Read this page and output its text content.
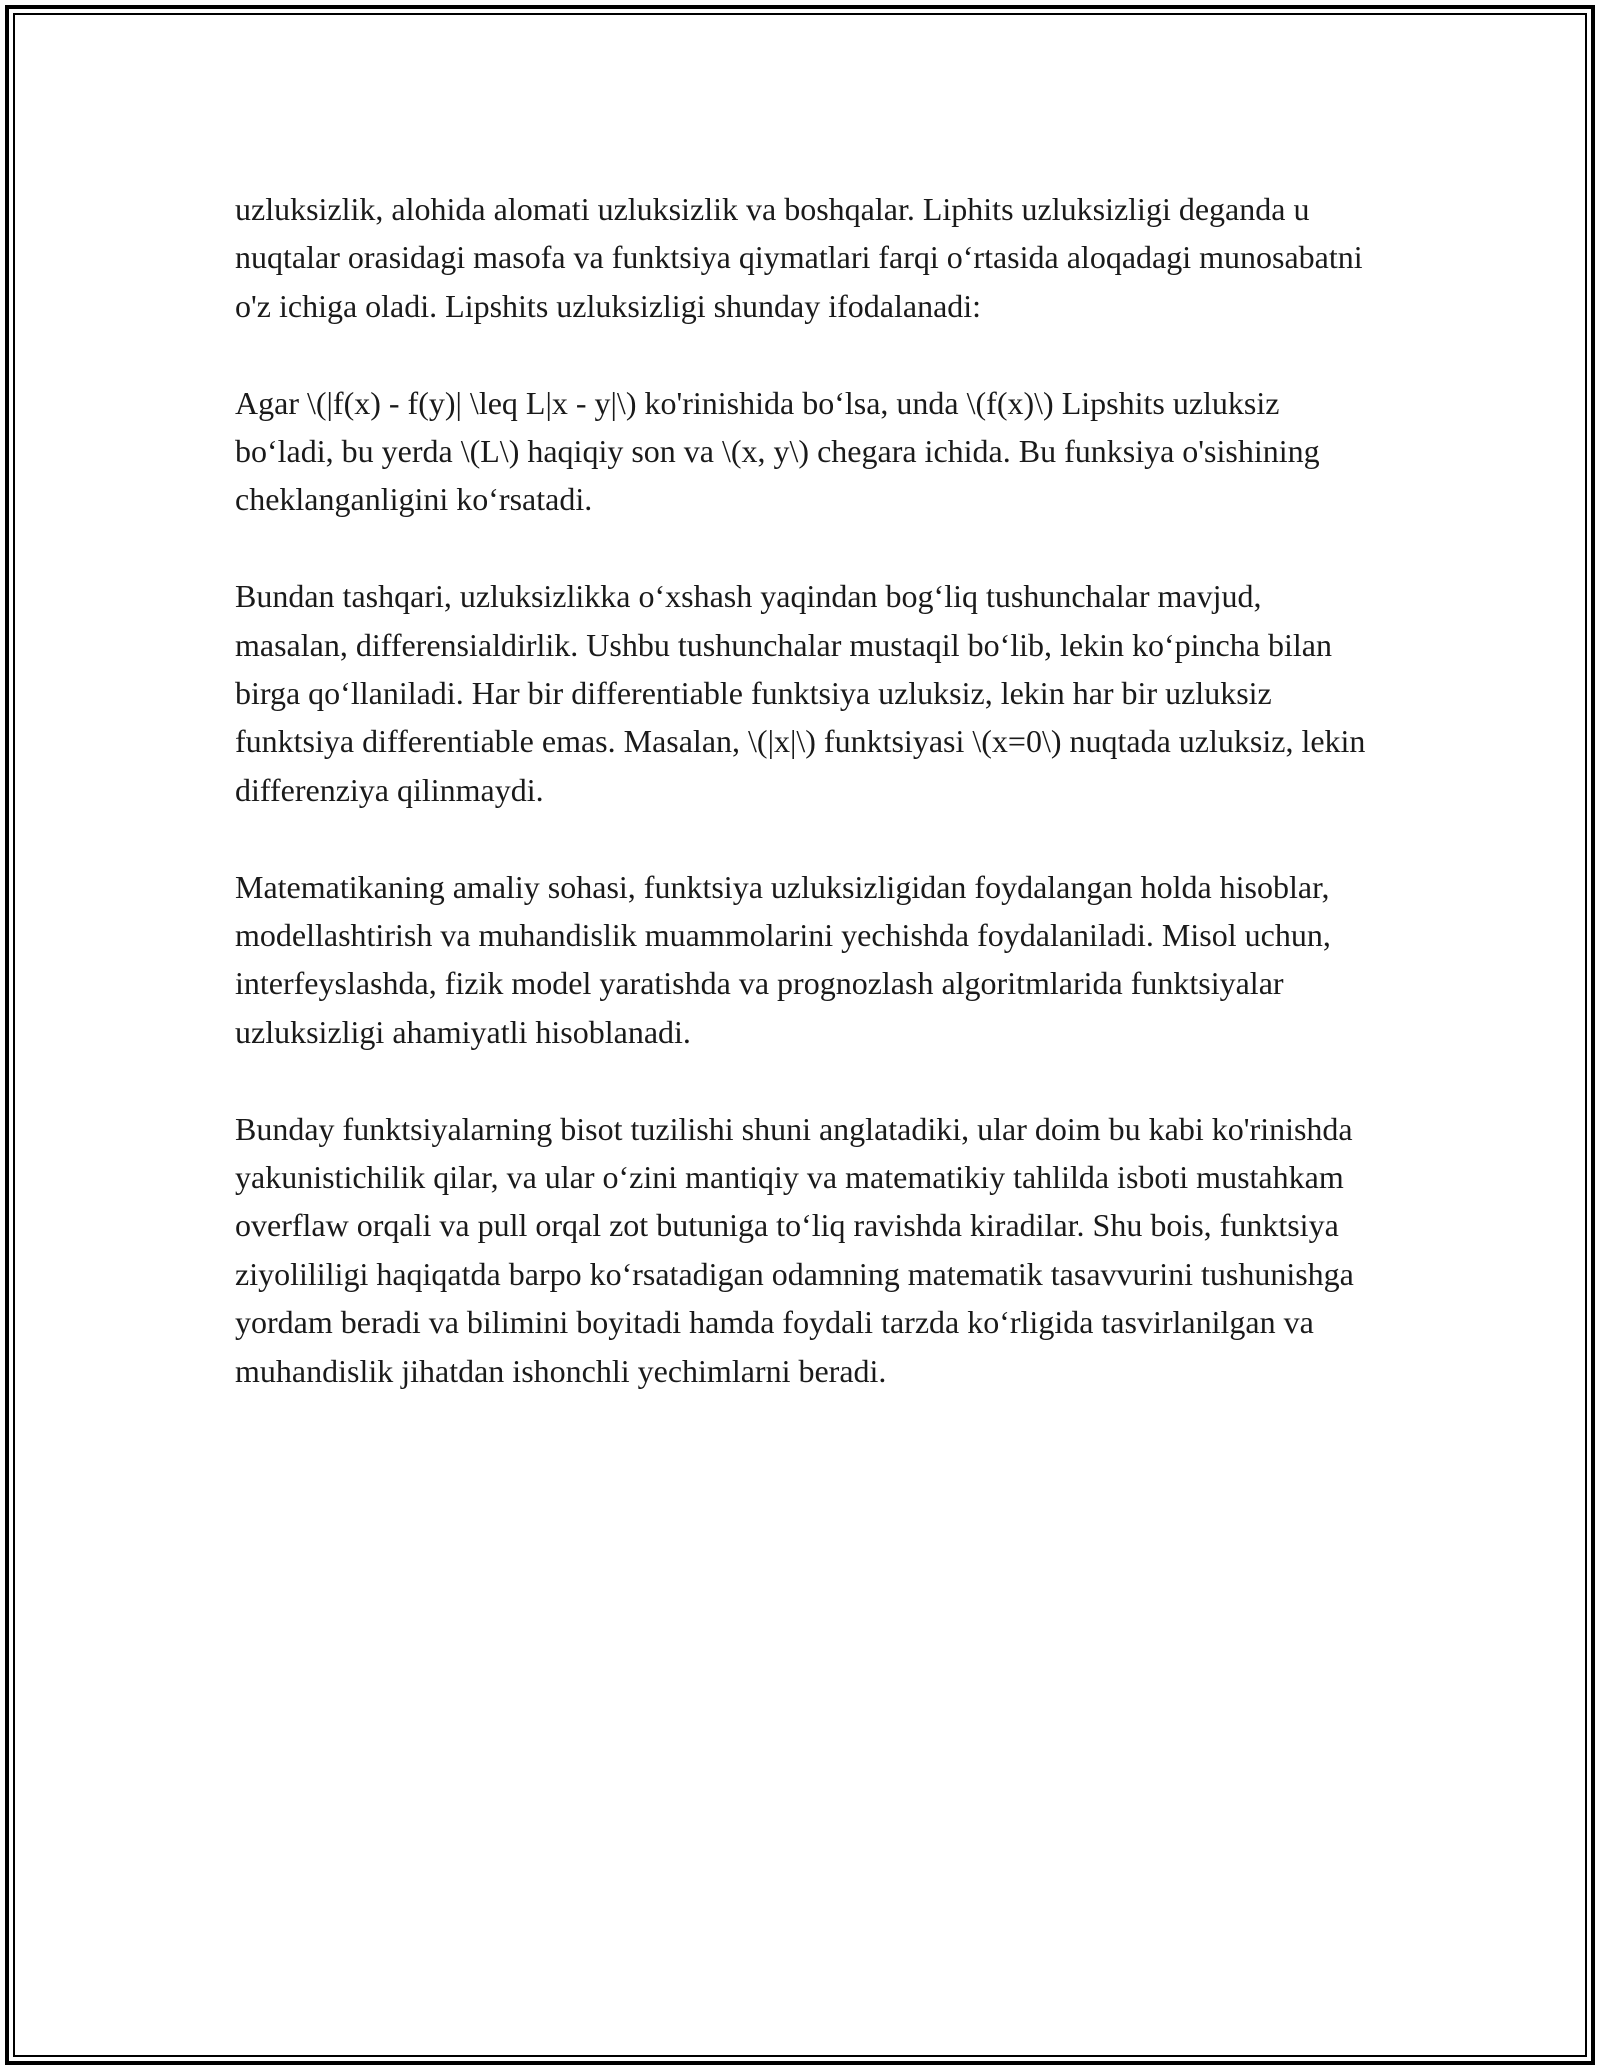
uzluksizlik, alohida alomati uzluksizlik va boshqalar. Liphits uzluksizligi deganda u nuqtalar orasidagi masofa va funktsiya qiymatlari farqi o‘rtasida aloqadagi munosabatni o'z ichiga oladi. Lipshits uzluksizligi shunday ifodalanadi:

Agar \(|f(x) - f(y)| \leq L|x - y|\) ko'rinishida bo‘lsa, unda \(f(x)\) Lipshits uzluksiz bo‘ladi, bu yerda \(L\) haqiqiy son va \(x, y\) chegara ichida. Bu funksiya o'sishining cheklanganligini ko‘rsatadi.

Bundan tashqari, uzluksizlikka o‘xshash yaqindan bog‘liq tushunchalar mavjud, masalan, differensialdirlik. Ushbu tushunchalar mustaqil bo‘lib, lekin ko‘pincha bilan birga qo‘llaniladi. Har bir differentiable funktsiya uzluksiz, lekin har bir uzluksiz funktsiya differentiable emas. Masalan, \(|x|\) funktsiyasi \(x=0\) nuqtada uzluksiz, lekin differenziya qilinmaydi.

Matematikaning amaliy sohasi, funktsiya uzluksizligidan foydalangan holda hisoblar, modellashtirish va muhandislik muammolarini yechishda foydalaniladi. Misol uchun, interfeyslashda, fizik model yaratishda va prognozlash algoritmlarida funktsiyalar uzluksizligi ahamiyatli hisoblanadi.

Bunday funktsiyalarning bisot tuzilishi shuni anglatadiki, ular doim bu kabi ko'rinishda yakunistichilik qilar, va ular o‘zini mantiqiy va matematikiy tahlilda isboti mustahkam overflaw orqali va pull orqal zot butuniga to‘liq ravishda kiradilar. Shu bois, funktsiya ziyolililigi haqiqatda barpo ko‘rsatadigan odamning matematik tasavvurini tushunishga yordam beradi va bilimini boyitadi hamda foydali tarzda ko‘rligida tasvirlanilgan va muhandislik jihatdan ishonchli yechimlarni beradi.
